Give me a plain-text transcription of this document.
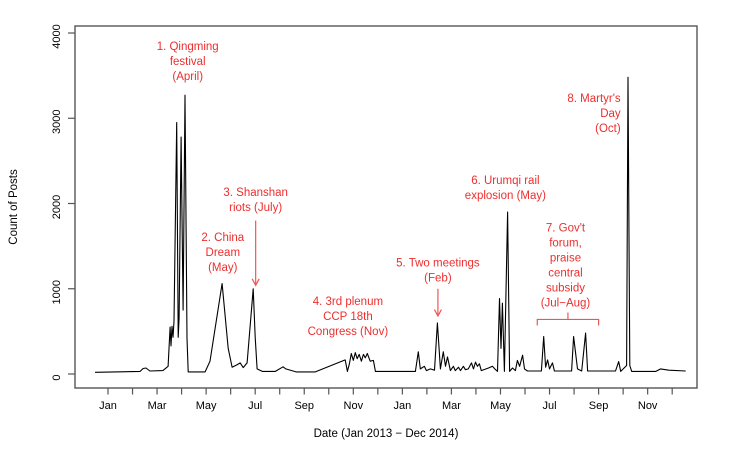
0
1000
2000
3000
4000
Jan	Mar	May	Jul	Sep	Nov	Jan	Mar	May	Jul	Sep	Nov
1. Qingming festival (April)
2. China Dream (May)
3. Shanshan riots (July)
4. 3rd plenum CCP 18th Congress (Nov)
5. Two meetings (Feb)
6. Urumqi rail explosion (May)
7. Gov't forum, praise central subsidy (Jul−Aug)
8. Martyr's Day (Oct)
Date (Jan 2013 − Dec 2014)
Count of Posts
